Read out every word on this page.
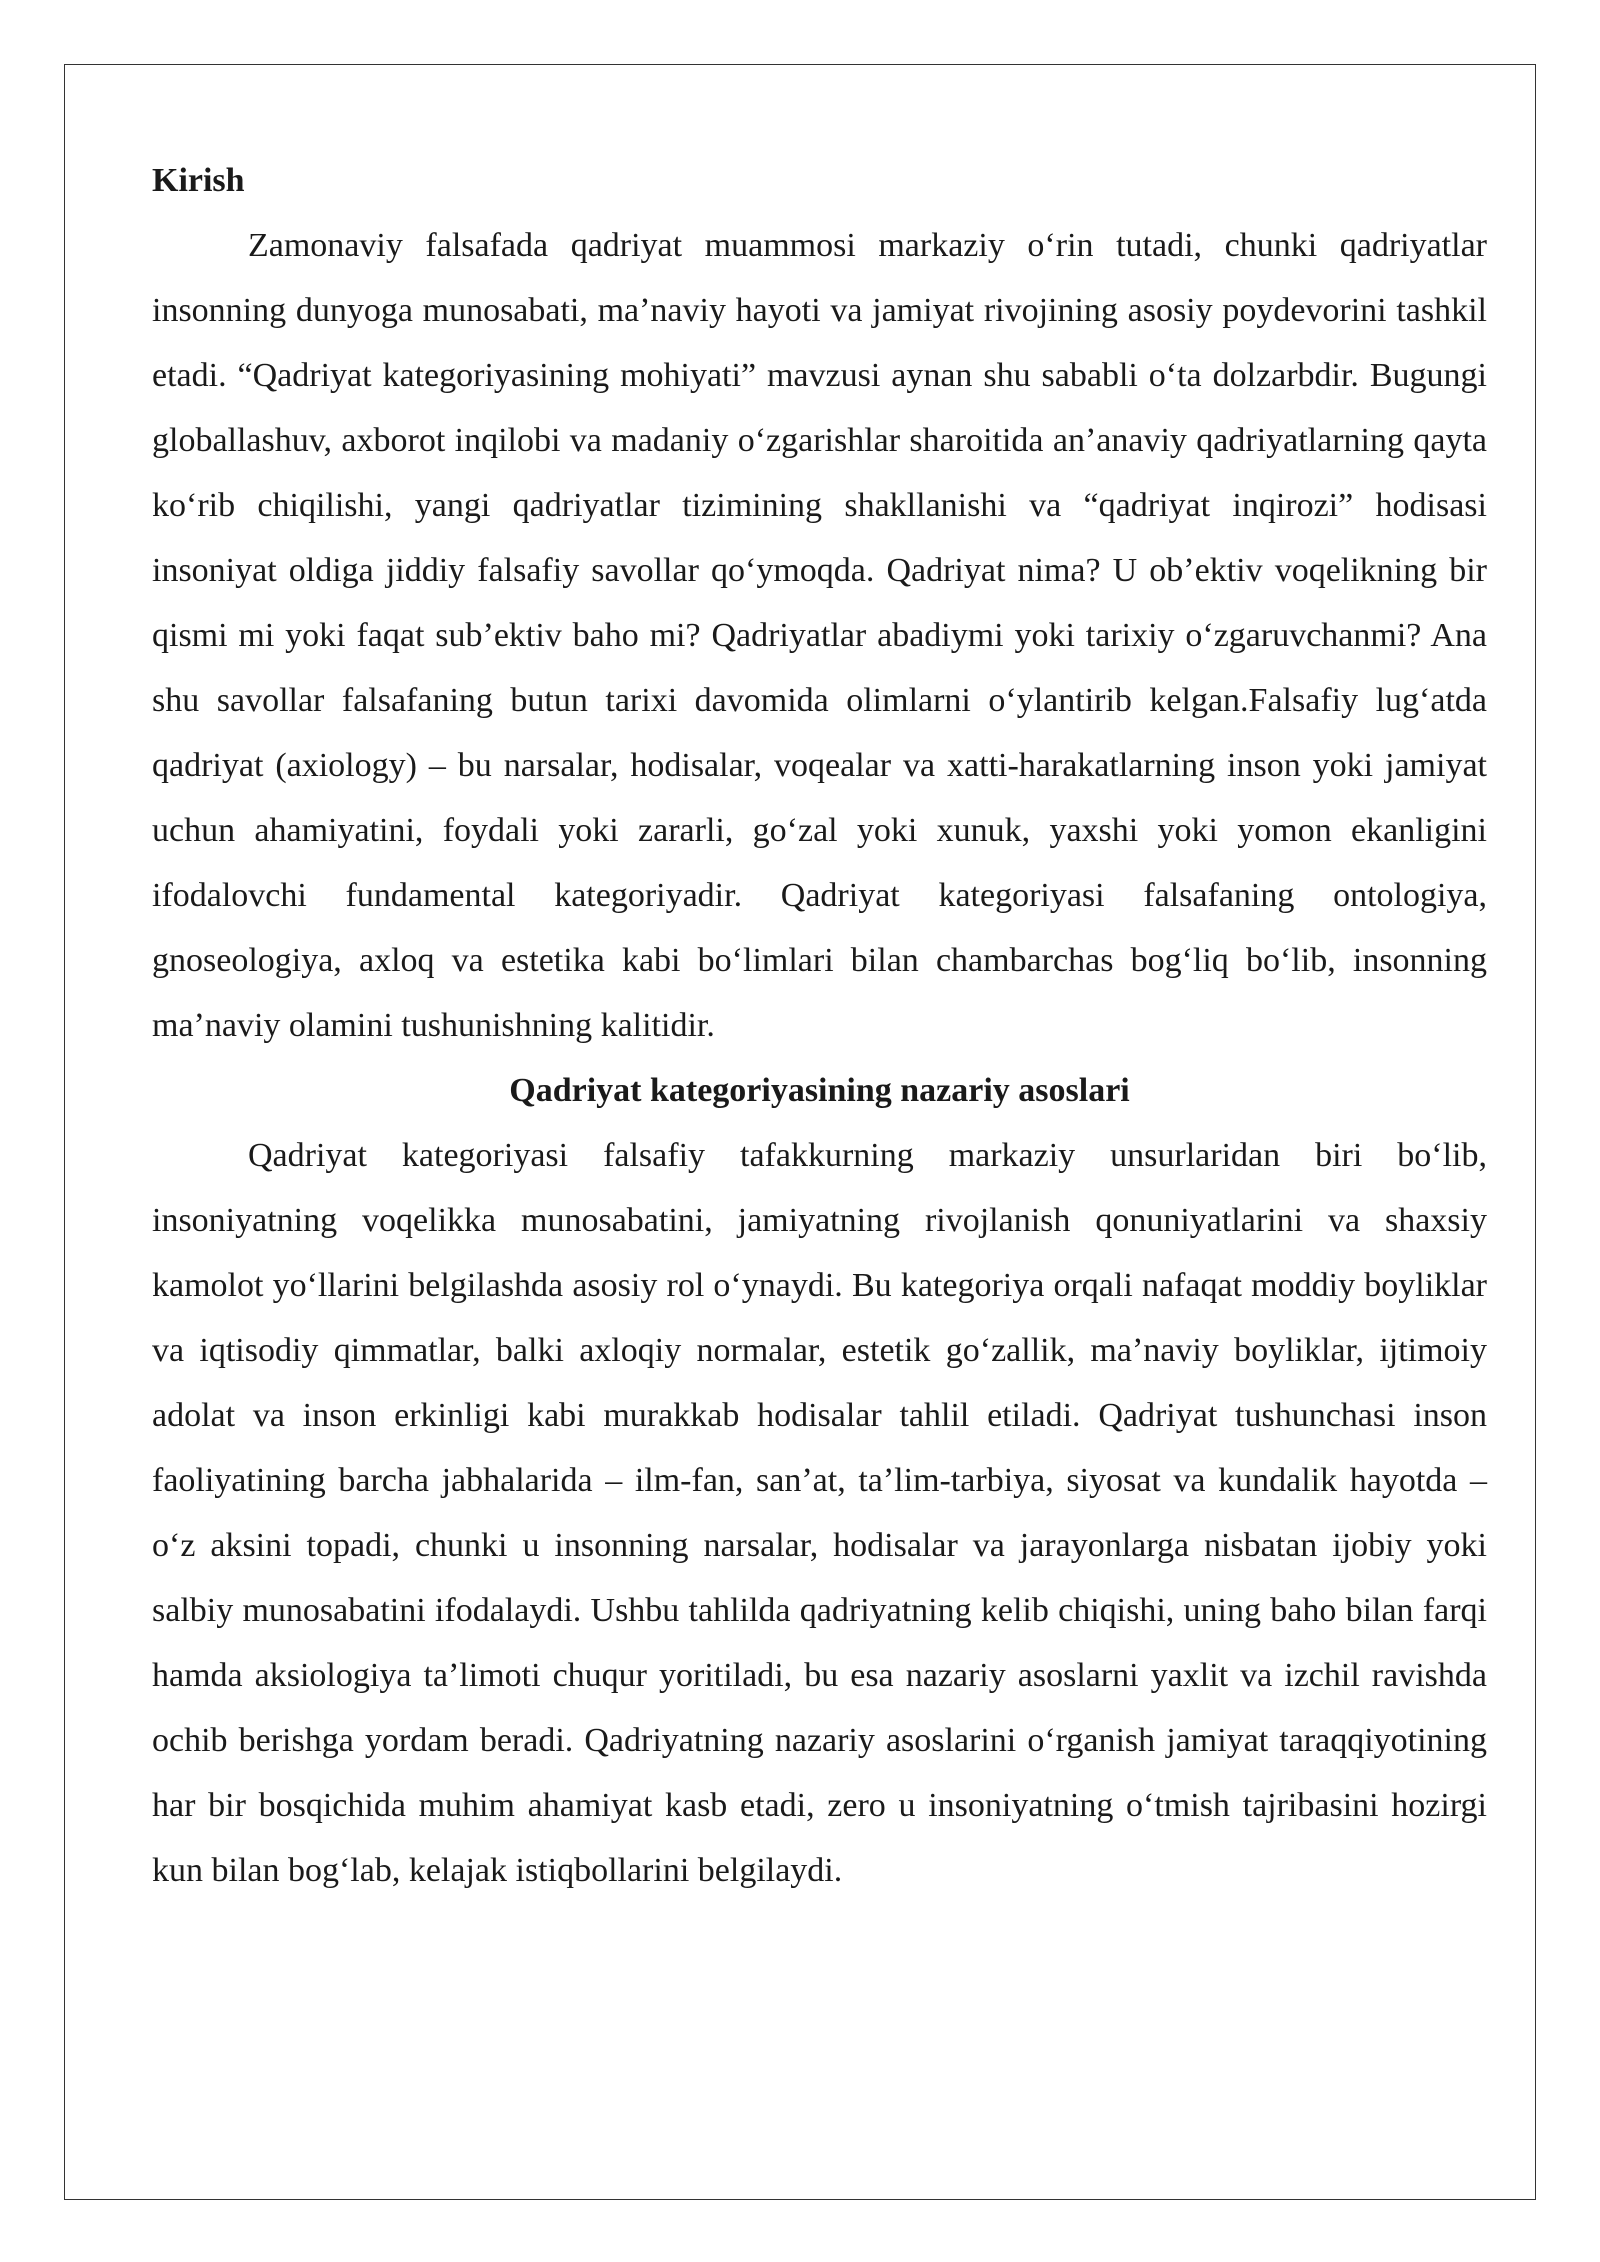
Kirish

Zamonaviy falsafada qadriyat muammosi markaziy oʻrin tutadi, chunki qadriyatlar insonning dunyoga munosabati, maʼnaviy hayoti va jamiyat rivojining asosiy poydevorini tashkil etadi. “Qadriyat kategoriyasining mohiyati” mavzusi aynan shu sababli oʻta dolzarbdir. Bugungi globallashuv, axborot inqilobi va madaniy oʻzgarishlar sharoitida anʼanaviy qadriyatlarning qayta koʻrib chiqilishi, yangi qadriyatlar tizimining shakllanishi va “qadriyat inqirozi” hodisasi insoniyat oldiga jiddiy falsafiy savollar qoʻymoqda. Qadriyat nima? U obʼektiv voqelikning bir qismi mi yoki faqat subʼektiv baho mi? Qadriyatlar abadiymi yoki tarixiy oʻzgaruvchanmi? Ana shu savollar falsafaning butun tarixi davomida olimlarni oʻylantirib kelgan.Falsafiy lugʻatda qadriyat (axiology) – bu narsalar, hodisalar, voqealar va xatti-harakatlarning inson yoki jamiyat uchun ahamiyatini, foydali yoki zararli, goʻzal yoki xunuk, yaxshi yoki yomon ekanligini ifodalovchi fundamental kategoriyadir. Qadriyat kategoriyasi falsafaning ontologiya, gnoseologiya, axloq va estetika kabi boʻlimlari bilan chambarchas bogʻliq boʻlib, insonning maʼnaviy olamini tushunishning kalitidir.

Qadriyat kategoriyasining nazariy asoslari

Qadriyat kategoriyasi falsafiy tafakkurning markaziy unsurlaridan biri boʻlib, insoniyatning voqelikka munosabatini, jamiyatning rivojlanish qonuniyatlarini va shaxsiy kamolot yoʻllarini belgilashda asosiy rol oʻynaydi. Bu kategoriya orqali nafaqat moddiy boyliklar va iqtisodiy qimmatlar, balki axloqiy normalar, estetik goʻzallik, maʼnaviy boyliklar, ijtimoiy adolat va inson erkinligi kabi murakkab hodisalar tahlil etiladi. Qadriyat tushunchasi inson faoliyatining barcha jabhalarida – ilm-fan, sanʼat, taʼlim-tarbiya, siyosat va kundalik hayotda – oʻz aksini topadi, chunki u insonning narsalar, hodisalar va jarayonlarga nisbatan ijobiy yoki salbiy munosabatini ifodalaydi. Ushbu tahlilda qadriyatning kelib chiqishi, uning baho bilan farqi hamda aksiologiya taʼlimoti chuqur yoritiladi, bu esa nazariy asoslarni yaxlit va izchil ravishda ochib berishga yordam beradi. Qadriyatning nazariy asoslarini oʻrganish jamiyat taraqqiyotining har bir bosqichida muhim ahamiyat kasb etadi, zero u insoniyatning oʻtmish tajribasini hozirgi kun bilan bogʻlab, kelajak istiqbollarini belgilaydi.
